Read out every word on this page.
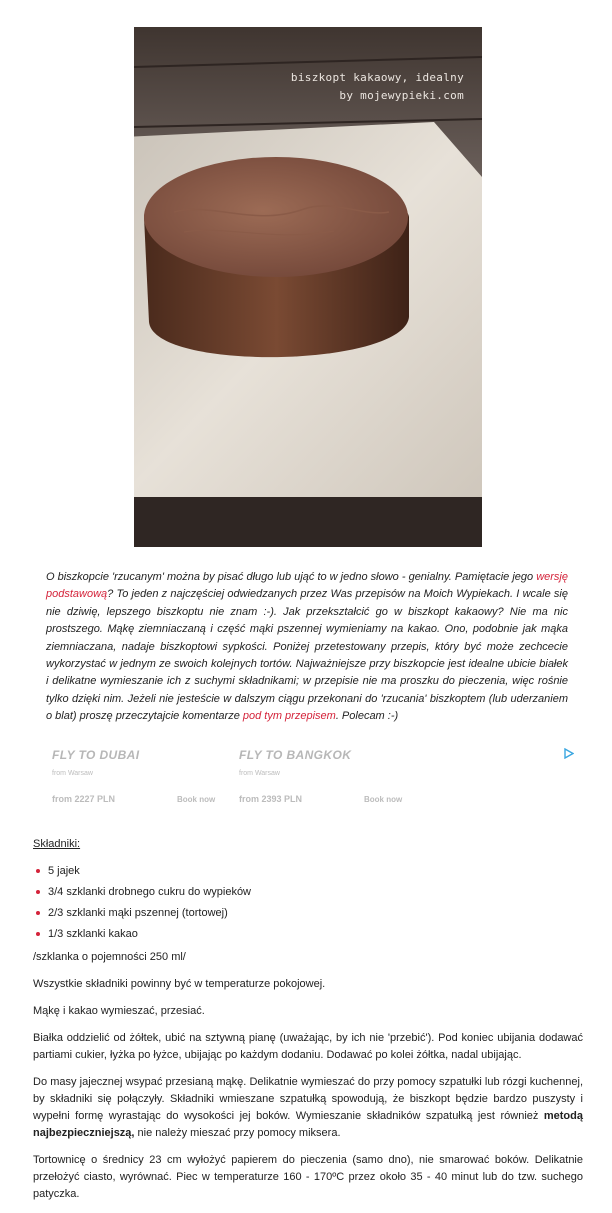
biszkopt kakaowy, idealny
by mojewypieki.com
O biszkopcie 'rzucanym' można by pisać długo lub ująć to w jedno słowo - genialny. Pamiętacie jego wersję podstawową? To jeden z najczęściej odwiedzanych przez Was przepisów na Moich Wypiekach. I wcale się nie dziwię, lepszego biszkoptu nie znam :-). Jak przekształcić go w biszkopt kakaowy? Nie ma nic prostszego. Mąkę ziemniaczaną i część mąki pszennej wymieniamy na kakao. Ono, podobnie jak mąka ziemniaczana, nadaje biszkoptowi sypkości. Poniżej przetestowany przepis, który być może zechcecie wykorzystać w jednym ze swoich kolejnych tortów. Najważniejsze przy biszkopcie jest idealne ubicie białek i delikatne wymieszanie ich z suchymi składnikami; w przepisie nie ma proszku do pieczenia, więc rośnie tylko dzięki nim. Jeżeli nie jesteście w dalszym ciągu przekonani do 'rzucania' biszkoptem (lub uderzaniem o blat) proszę przeczytajcie komentarze pod tym przepisem. Polecam :-)
FLY TO DUBAI
from Warsaw
from 2227 PLN	Book now
FLY TO BANGKOK
from Warsaw
from 2393 PLN	Book now
Składniki:
5 jajek
3/4 szklanki drobnego cukru do wypieków
2/3 szklanki mąki pszennej (tortowej)
1/3 szklanki kakao
/szklanka o pojemności 250 ml/
Wszystkie składniki powinny być w temperaturze pokojowej.
Mąkę i kakao wymieszać, przesiać.
Białka oddzielić od żółtek, ubić na sztywną pianę (uważając, by ich nie 'przebić'). Pod koniec ubijania dodawać partiami cukier, łyżka po łyżce, ubijając po każdym dodaniu. Dodawać po kolei żółtka, nadal ubijając.
Do masy jajecznej wsypać przesianą mąkę. Delikatnie wymieszać do przy pomocy szpatułki lub rózgi kuchennej, by składniki się połączyły. Składniki wmieszane szpatułką spowodują, że biszkopt będzie bardzo puszysty i wypełni formę wyrastając do wysokości jej boków. Wymieszanie składników szpatułką jest również metodą najbezpieczniejszą, nie należy mieszać przy pomocy miksera.
Tortownicę o średnicy 23 cm wyłożyć papierem do pieczenia (samo dno), nie smarować boków. Delikatnie przełożyć ciasto, wyrównać. Piec w temperaturze 160 - 170ºC przez około 35 - 40 minut lub do tzw. suchego patyczka.
